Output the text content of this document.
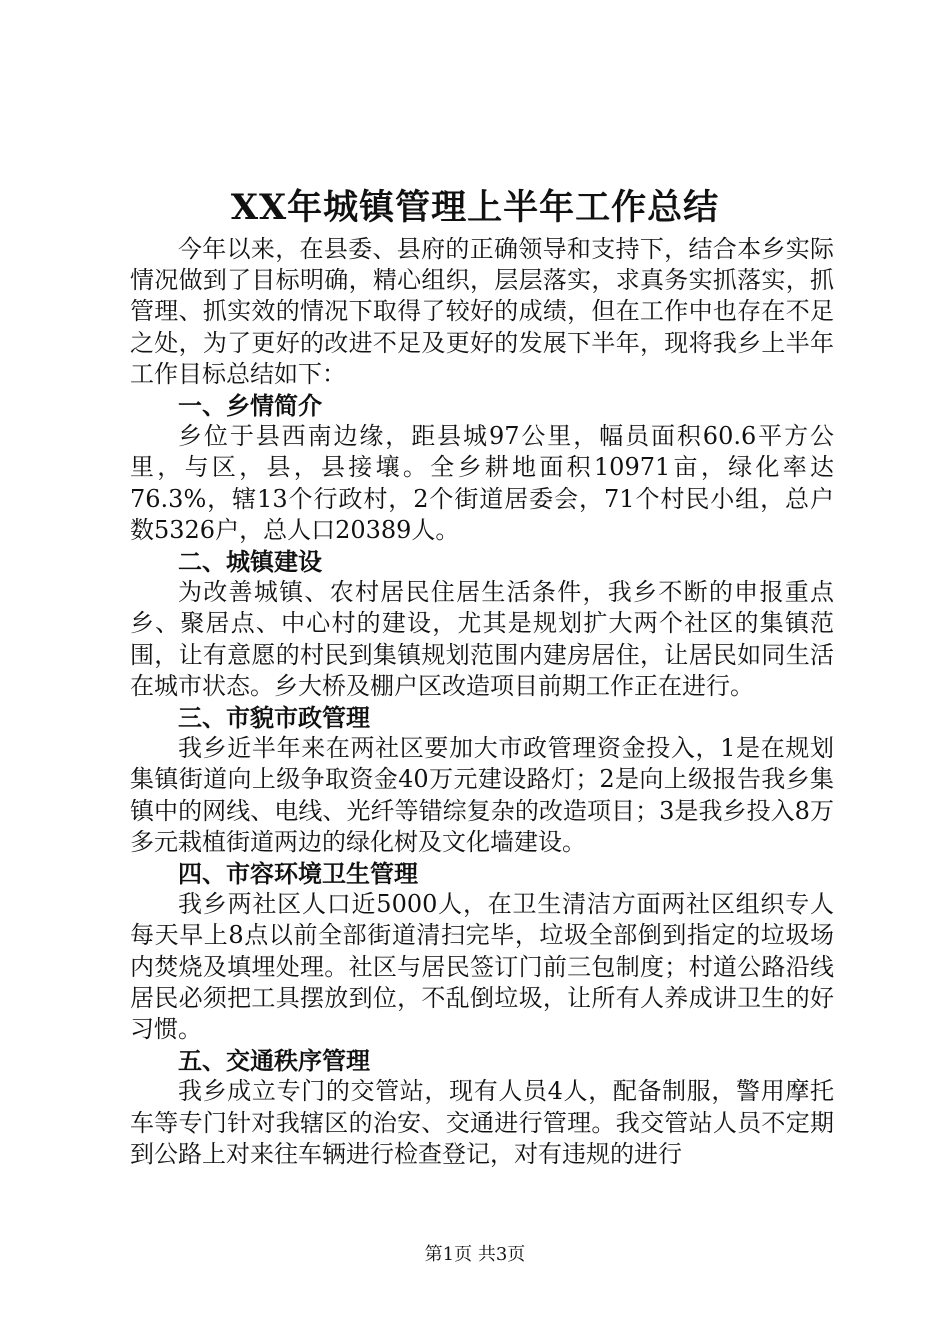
XX年城镇管理上半年工作总结

今年以来，在县委、县府的正确领导和支持下，结合本乡实际情况做到了目标明确，精心组织，层层落实，求真务实抓落实，抓管理、抓实效的情况下取得了较好的成绩，但在工作中也存在不足之处，为了更好的改进不足及更好的发展下半年，现将我乡上半年工作目标总结如下：

一、乡情简介

乡位于县西南边缘，距县城97公里，幅员面积60.6平方公里，与区，县，县接壤。全乡耕地面积10971亩，绿化率达76.3%，辖13个行政村，2个街道居委会，71个村民小组，总户数5326户，总人口20389人。

二、城镇建设

为改善城镇、农村居民住居生活条件，我乡不断的申报重点乡、聚居点、中心村的建设，尤其是规划扩大两个社区的集镇范围，让有意愿的村民到集镇规划范围内建房居住，让居民如同生活在城市状态。乡大桥及棚户区改造项目前期工作正在进行。

三、市貌市政管理

我乡近半年来在两社区要加大市政管理资金投入，1是在规划集镇街道向上级争取资金40万元建设路灯；2是向上级报告我乡集镇中的网线、电线、光纤等错综复杂的改造项目；3是我乡投入8万多元栽植街道两边的绿化树及文化墙建设。

四、市容环境卫生管理

我乡两社区人口近5000人，在卫生清洁方面两社区组织专人每天早上8点以前全部街道清扫完毕，垃圾全部倒到指定的垃圾场内焚烧及填埋处理。社区与居民签订门前三包制度；村道公路沿线居民必须把工具摆放到位，不乱倒垃圾，让所有人养成讲卫生的好习惯。

五、交通秩序管理

我乡成立专门的交管站，现有人员4人，配备制服，警用摩托车等专门针对我辖区的治安、交通进行管理。我交管站人员不定期到公路上对来往车辆进行检查登记，对有违规的进行

第1页 共3页
